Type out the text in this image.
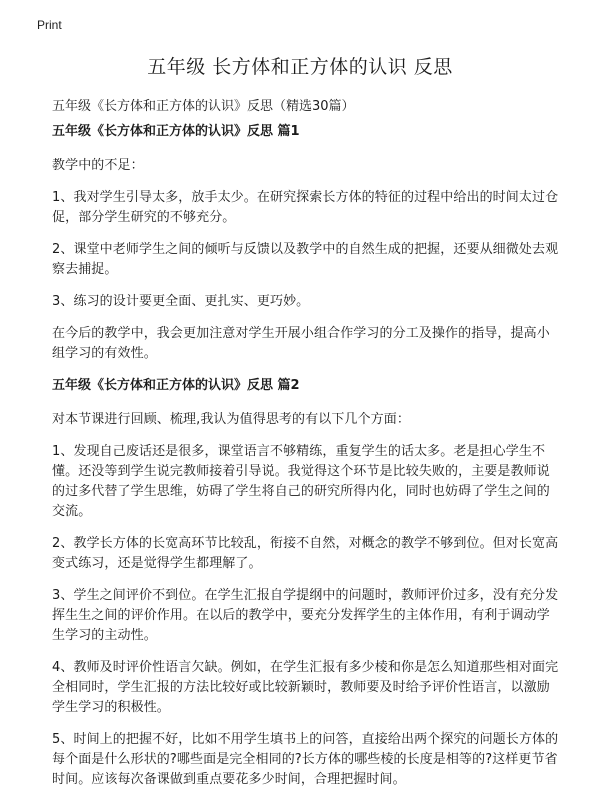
Print
五年级 长方体和正方体的认识 反思

五年级《长方体和正方体的认识》反思（精选30篇）

五年级《长方体和正方体的认识》反思 篇1

教学中的不足：

1、我对学生引导太多，放手太少。在研究探索长方体的特征的过程中给出的时间太过仓促，部分学生研究的不够充分。

2、课堂中老师学生之间的倾听与反馈以及教学中的自然生成的把握，还要从细微处去观察去捕捉。

3、练习的设计要更全面、更扎实、更巧妙。

在今后的教学中，我会更加注意对学生开展小组合作学习的分工及操作的指导，提高小组学习的有效性。

五年级《长方体和正方体的认识》反思 篇2

对本节课进行回顾、梳理,我认为值得思考的有以下几个方面：

1、发现自己废话还是很多，课堂语言不够精练，重复学生的话太多。老是担心学生不懂。还没等到学生说完教师接着引导说。我觉得这个环节是比较失败的，主要是教师说的过多代替了学生思维，妨碍了学生将自己的研究所得内化，同时也妨碍了学生之间的交流。

2、教学长方体的长宽高环节比较乱，衔接不自然，对概念的教学不够到位。但对长宽高变式练习，还是觉得学生都理解了。

3、学生之间评价不到位。在学生汇报自学提纲中的问题时，教师评价过多，没有充分发挥生生之间的评价作用。在以后的教学中，要充分发挥学生的主体作用，有利于调动学生学习的主动性。

4、教师及时评价性语言欠缺。例如，在学生汇报有多少棱和你是怎么知道那些相对面完全相同时，学生汇报的方法比较好或比较新颖时，教师要及时给予评价性语言，以激励学生学习的积极性。

5、时间上的把握不好，比如不用学生填书上的问答，直接给出两个探究的问题长方体的每个面是什么形状的?哪些面是完全相同的?长方体的哪些棱的长度是相等的?这样更节省时间。应该每次备课做到重点要花多少时间，合理把握时间。
